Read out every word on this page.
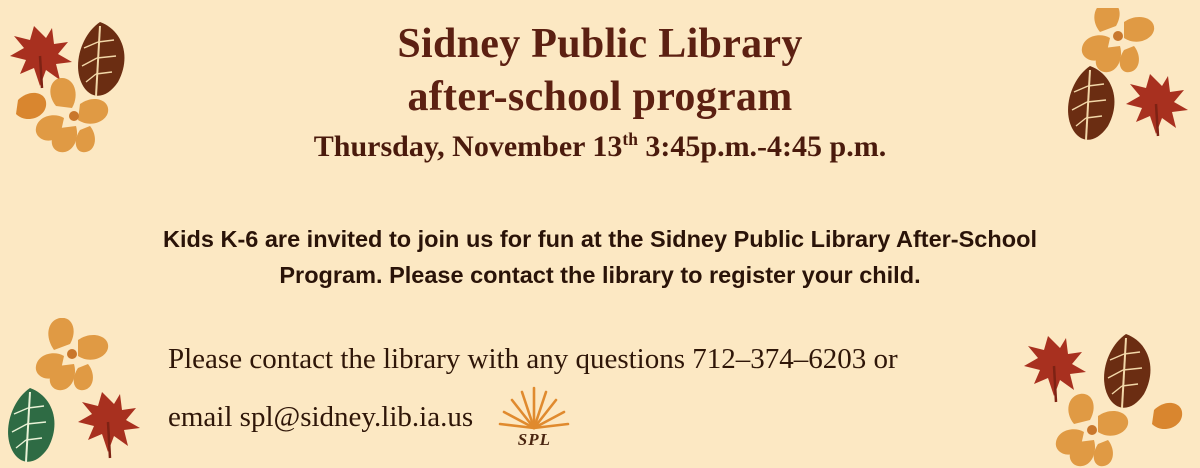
Sidney Public Library
after-school program
Thursday, November 13th 3:45p.m.-4:45 p.m.
Kids K-6 are invited to join us for fun at the Sidney Public Library After-School Program. Please contact the library to register your child.
Please contact the library with any questions 712–374–6203 or
email spl@sidney.lib.ia.us
SPL
